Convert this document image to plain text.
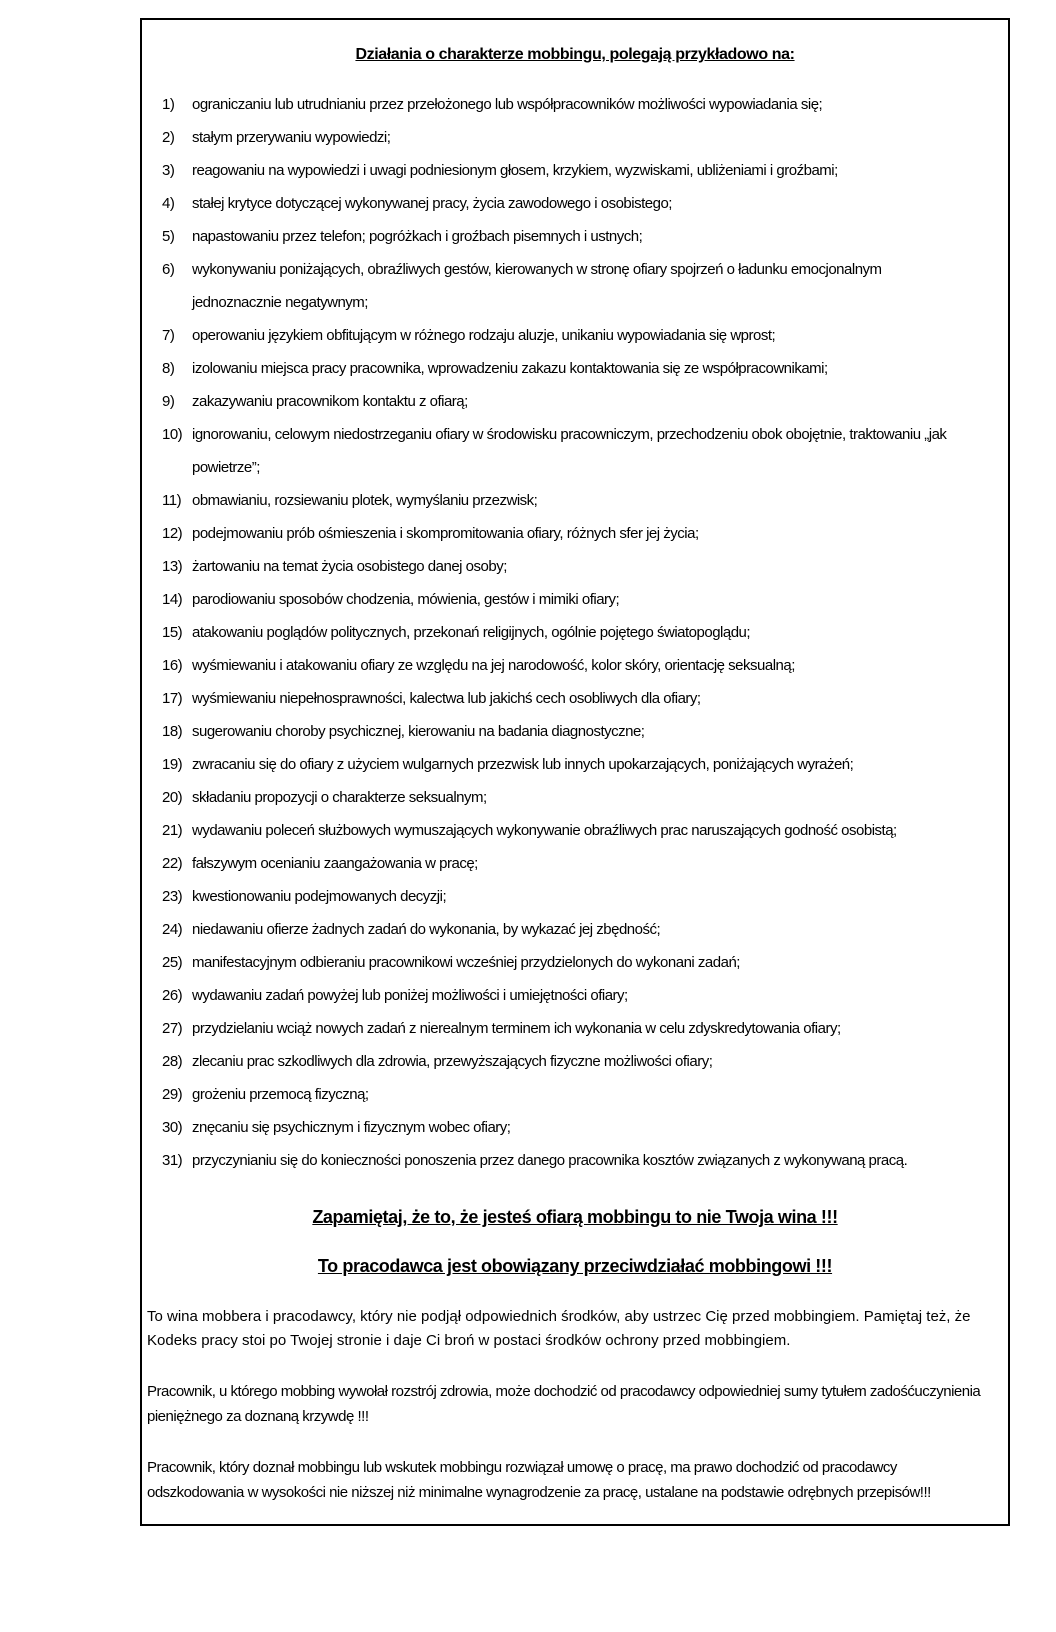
Działania o charakterze mobbingu, polegają przykładowo na:
1)	ograniczaniu lub utrudnianiu przez przełożonego lub współpracowników możliwości wypowiadania się;
2)	stałym przerywaniu wypowiedzi;
3)	reagowaniu na wypowiedzi i uwagi podniesionym głosem, krzykiem, wyzwiskami, ubliżeniami i groźbami;
4)	stałej krytyce dotyczącej wykonywanej pracy, życia zawodowego i osobistego;
5)	napastowaniu przez telefon; pogróżkach i groźbach pisemnych i ustnych;
6)	wykonywaniu poniżających, obraźliwych gestów, kierowanych w stronę ofiary spojrzeń o ładunku emocjonalnym jednoznacznie negatywnym;
7)	operowaniu językiem obfitującym w różnego rodzaju aluzje, unikaniu wypowiadania się wprost;
8)	izolowaniu miejsca pracy pracownika, wprowadzeniu zakazu kontaktowania się ze współpracownikami;
9)	zakazywaniu pracownikom kontaktu z ofiarą;
10) ignorowaniu, celowym niedostrzeganiu ofiary w środowisku pracowniczym, przechodzeniu obok obojętnie, traktowaniu „jak powietrze”;
11) obmawianiu, rozsiewaniu plotek, wymyślaniu przezwisk;
12) podejmowaniu prób ośmieszenia i skompromitowania ofiary, różnych sfer jej życia;
13) żartowaniu na temat życia osobistego danej osoby;
14) parodiowaniu sposobów chodzenia, mówienia, gestów i mimiki ofiary;
15) atakowaniu poglądów politycznych, przekonań religijnych, ogólnie pojętego światopoglądu;
16) wyśmiewaniu i atakowaniu ofiary ze względu na jej narodowość, kolor skóry, orientację seksualną;
17) wyśmiewaniu niepełnosprawności, kalectwa lub jakichś cech osobliwych dla ofiary;
18) sugerowaniu choroby psychicznej, kierowaniu na badania diagnostyczne;
19) zwracaniu się do ofiary z użyciem wulgarnych przezwisk lub innych upokarzających, poniżających wyrażeń;
20) składaniu propozycji o charakterze seksualnym;
21) wydawaniu poleceń służbowych wymuszających wykonywanie obraźliwych prac naruszających godność osobistą;
22) fałszywym ocenianiu zaangażowania w pracę;
23) kwestionowaniu podejmowanych decyzji;
24) niedawaniu ofierze żadnych zadań do wykonania, by wykazać jej zbędność;
25) manifestacyjnym odbieraniu pracownikowi wcześniej przydzielonych do wykonani zadań;
26) wydawaniu zadań powyżej lub poniżej możliwości i umiejętności ofiary;
27) przydzielaniu wciąż nowych zadań z nierealnym terminem ich wykonania w celu zdyskredytowania ofiary;
28) zlecaniu prac szkodliwych dla zdrowia, przewyższających fizyczne możliwości ofiary;
29) grożeniu przemocą fizyczną;
30) znęcaniu się psychicznym i fizycznym wobec ofiary;
31) przyczynianiu się do konieczności ponoszenia przez danego pracownika kosztów związanych z wykonywaną pracą.
Zapamiętaj, że to, że jesteś ofiarą mobbingu to nie Twoja wina !!!
To pracodawca jest obowiązany przeciwdziałać mobbingowi !!!

To wina mobbera i pracodawcy, który nie podjął odpowiednich środków, aby ustrzec Cię przed mobbingiem. Pamiętaj też, że Kodeks pracy stoi po Twojej stronie i daje Ci broń w postaci środków ochrony przed mobbingiem.

Pracownik, u którego mobbing wywołał rozstrój zdrowia, może dochodzić od pracodawcy odpowiedniej sumy tytułem zadośćuczynienia pieniężnego za doznaną krzywdę !!!

Pracownik, który doznał mobbingu lub wskutek mobbingu rozwiązał umowę o pracę, ma prawo dochodzić od pracodawcy odszkodowania w wysokości nie niższej niż minimalne wynagrodzenie za pracę, ustalane na podstawie odrębnych przepisów!!!
